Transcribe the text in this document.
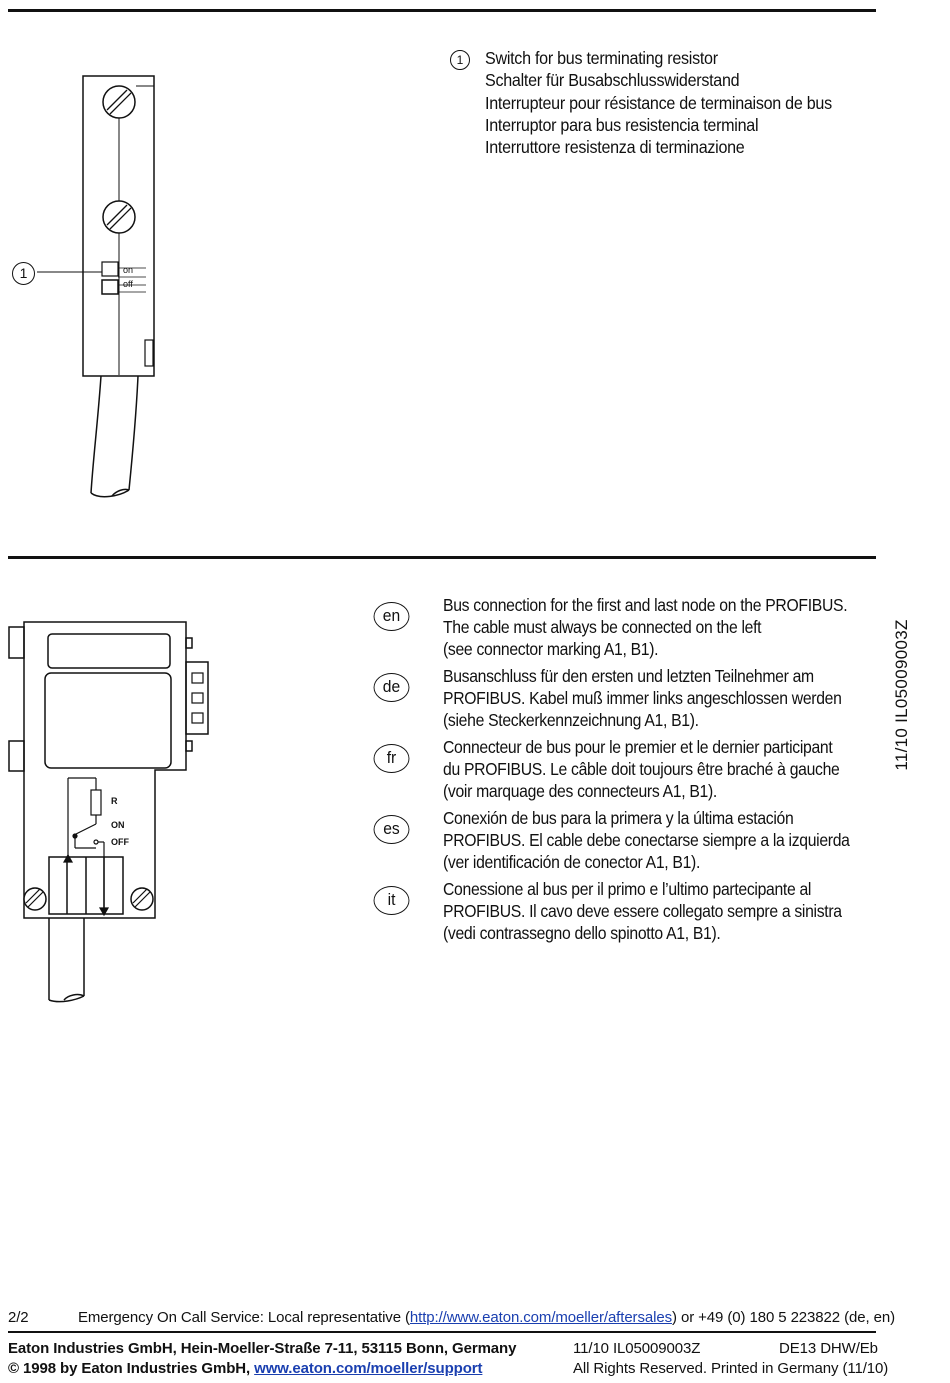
1	on
off
1	Switch for bus terminating resistor
Schalter für Busabschlusswiderstand
Interrupteur pour résistance de terminaison de bus
Interruptor para bus resistencia terminal
Interruttore resistenza di terminazione
R
ON
OFF
en
Bus connection for the first and last node on the PROFIBUS.
The cable must always be connected on the left
(see connector marking A1, B1).
de
Busanschluss für den ersten und letzten Teilnehmer am
PROFIBUS. Kabel muß immer links angeschlossen werden
(siehe Steckerkennzeichnung A1, B1).
fr
Connecteur de bus pour le premier et le dernier participant
du PROFIBUS. Le câble doit toujours être braché à gauche
(voir marquage des connecteurs A1, B1).
es
Conexión de bus para la primera y la última estación
PROFIBUS. El cable debe conectarse siempre a la izquierda
(ver identificación de conector A1, B1).
it
Conessione al bus per il primo e l’ultimo partecipante al
PROFIBUS. Il cavo deve essere collegato sempre a sinistra
(vedi contrassegno dello spinotto A1, B1).
11/10 IL05009003Z
2/2	Emergency On Call Service: Local representative (http://www.eaton.com/moeller/aftersales) or +49 (0) 180 5 223822 (de, en)
Eaton Industries GmbH, Hein-Moeller-Straße 7-11, 53115 Bonn, Germany
© 1998 by Eaton Industries GmbH, www.eaton.com/moeller/support
11/10 IL05009003Z	DE13 DHW/Eb
All Rights Reserved. Printed in Germany (11/10)
